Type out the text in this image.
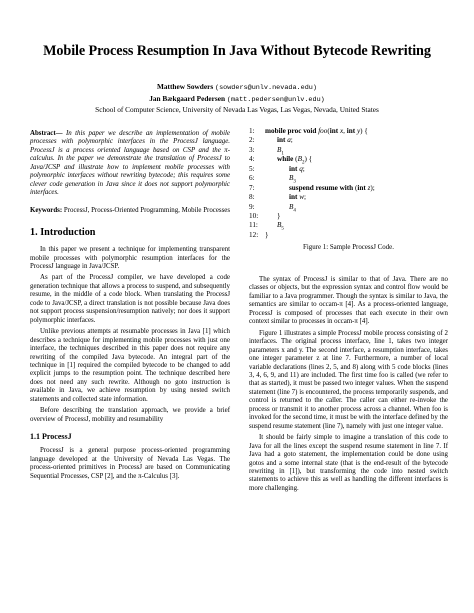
Mobile Process Resumption In Java Without Bytecode Rewriting
Matthew Sowders (sowders@unlv.nevada.edu)
Jan Bækgaard Pedersen (matt.pedersen@unlv.edu)
School of Computer Science, University of Nevada Las Vegas, Las Vegas, Nevada, United States

Abstract— In this paper we describe an implementation of mobile processes with polymorphic interfaces in the ProcessJ language. ProcessJ is a process oriented language based on CSP and the π-calculus. In the paper we demonstrate the translation of ProcessJ to Java/JCSP and illustrate how to implement mobile processes with polymorphic interfaces without rewriting bytecode; this requires some clever code generation in Java since it does not support polymorphic interfaces.

Keywords: ProcessJ, Process-Oriented Programming, Mobile Processes

1. Introduction

In this paper we present a technique for implementing transparent mobile processes with polymorphic resumption interfaces for the ProcessJ language in Java/JCSP.

As part of the ProcessJ compiler, we have developed a code generation technique that allows a process to suspend, and subsequently resume, in the middle of a code block. When translating the ProcessJ code to Java/JCSP, a direct translation is not possible because Java does not support process suspension/resumption natively; nor does it support polymorphic interfaces.

Unlike previous attempts at resumable processes in Java [1] which describes a technique for implementing mobile processes with just one interface, the techniques described in this paper does not require any rewriting of the compiled Java bytecode. An integral part of the technique in [1] required the compiled bytecode to be changed to add explicit jumps to the resumption point. The technique described here does not need any such rewrite. Although no goto instruction is available in Java, we achieve resumption by using nested switch statements and collected state information.

Before describing the translation approach, we provide a brief overview of ProcessJ, mobility and resumability

1.1 ProcessJ

ProcessJ is a general purpose process-oriented programming language developed at the University of Nevada Las Vegas. The process-oriented primitives in ProcessJ are based on Communicating Sequential Processes, CSP [2], and the π-Calculus [3].

1:	mobile proc void foo(int x, int y) {
2:	int a;
3:	$B_1$
4:	while $(B_2)$ {
5:	int q;
6:	$B_3$
7:	suspend resume with (int z);
8:	int w;
9:	$B_4$
10:	}
11:	$B_5$
12: }
Figure 1: Sample ProcessJ Code.

The syntax of ProcessJ is similar to that of Java. There are no classes or objects, but the expression syntax and control flow would be familiar to a Java programmer. Though the syntax is similar to Java, the semantics are similar to occam-π [4]. As a process-oriented language, ProcessJ is composed of processes that each execute in their own context similar to processes in occam-π [4].

Figure 1 illustrates a simple ProcessJ mobile process consisting of 2 interfaces. The original process interface, line 1, takes two integer parameters x and y. The second interface, a resumption interface, takes one integer parameter z at line 7. Furthermore, a number of local variable declarations (lines 2, 5, and 8) along with 5 code blocks (lines 3, 4, 6, 9, and 11) are included. The first time foo is called (we refer to that as started), it must be passed two integer values. When the suspend statement (line 7) is encountered, the process temporarily suspends, and control is returned to the caller. The caller can either re-invoke the process or transmit it to another process across a channel. When foo is invoked for the second time, it must be with the interface defined by the suspend resume statement (line 7), namely with just one integer value.

It should be fairly simple to imagine a translation of this code to Java for all the lines except the suspend resume statement in line 7. If Java had a goto statement, the implementation could be done using gotos and a some internal state (that is the end-result of the bytecode rewriting in [1]), but transforming the code into nested switch statements to achieve this as well as handling the different interfaces is more challenging.
